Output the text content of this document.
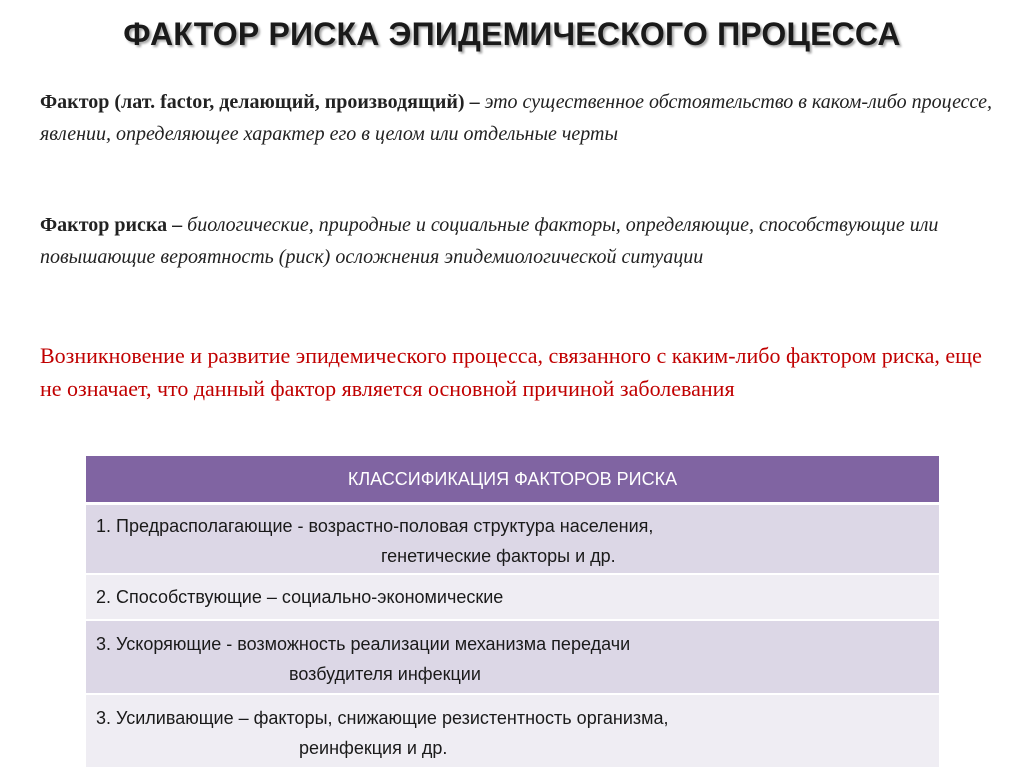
ФАКТОР РИСКА ЭПИДЕМИЧЕСКОГО ПРОЦЕССА
Фактор (лат. factor, делающий, производящий) – это существенное обстоятельство в каком-либо процессе, явлении, определяющее характер его в целом или отдельные черты
Фактор риска – биологические, природные и социальные факторы, определяющие, способствующие или повышающие вероятность (риск) осложнения эпидемиологической ситуации
Возникновение и развитие эпидемического процесса, связанного с каким-либо фактором риска, еще не означает, что данный фактор является основной причиной заболевания
КЛАССИФИКАЦИЯ ФАКТОРОВ РИСКА
1. Предрасполагающие - возрастно-половая структура населения,
генетические факторы и др.
2. Способствующие – социально-экономические
3. Ускоряющие - возможность реализации механизма передачи
возбудителя инфекции
3. Усиливающие – факторы, снижающие резистентность организма,
реинфекция и др.
